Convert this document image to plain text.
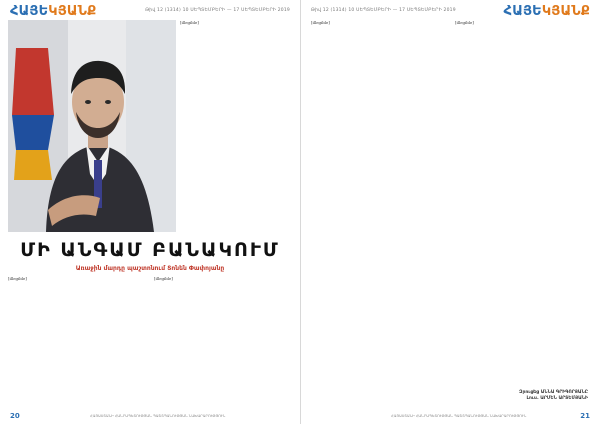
ՀԱՅԵԿՅԱՆՔ	Թիվ 12 (1314) 10 ՍԵՊՏԵՄԲԵՐԻ — 17 ՍԵՊՏԵՄԲԵՐԻ 2019

[illegible]

ՄԻ ԱՆԳԱՄ ԲԱՆԱԿՈՒՄ
Առաջին մարդը պաշտոնում Տոնեն Փափոյանը

[illegible]	[illegible]

20	ՀԱՅԱՍՏԱՆԻ ՀԱՆՐԱՊԵՏՈՒԹՅԱՆ ՊԱՇՏՊԱՆՈՒԹՅԱՆ ՆԱԽԱՐԱՐՈՒԹՅՈՒՆ
Թիվ 12 (1314) 10 ՍԵՊՏԵՄԲԵՐԻ — 17 ՍԵՊՏԵՄԲԵՐԻ 2019	ՀԱՅԵԿՅԱՆՔ

[illegible]	[illegible]

Զրուցեց ԱՆՆԱ ԳՐԻԳՈՐՅԱՆԸ
Լուս. ԱՐՄԵՆ ԱՐՏԵՄՅԱՆԻ
ՀԱՅԱՍՏԱՆԻ ՀԱՆՐԱՊԵՏՈՒԹՅԱՆ ՊԱՇՏՊԱՆՈՒԹՅԱՆ ՆԱԽԱՐԱՐՈՒԹՅՈՒՆ	21
